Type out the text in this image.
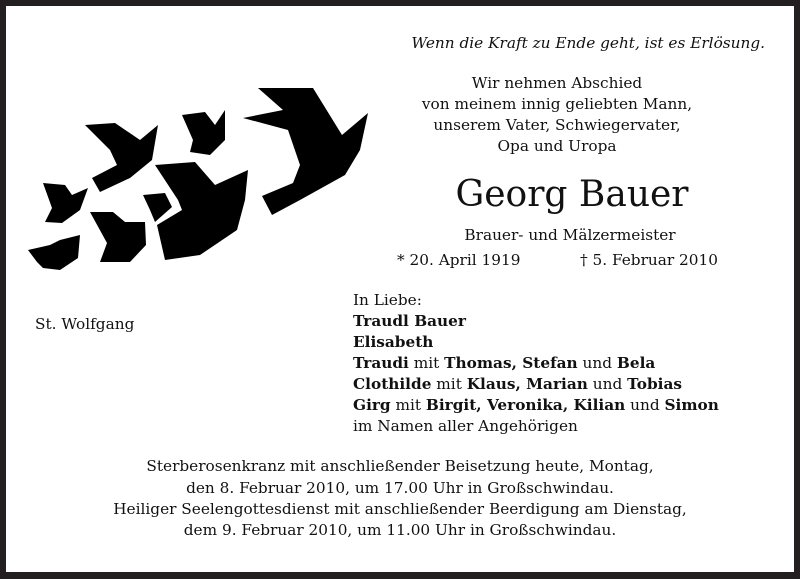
Wenn die Kraft zu Ende geht, ist es Erlösung.
Wir nehmen Abschied
von meinem innig geliebten Mann,
unserem Vater, Schwiegervater,
Opa und Uropa
Georg Bauer
Brauer- und Mälzermeister
* 20. April 1919	† 5. Februar 2010
St. Wolfgang
In Liebe:
Traudl Bauer
Elisabeth
Traudi mit Thomas, Stefan und Bela
Clothilde mit Klaus, Marian und Tobias
Girg mit Birgit, Veronika, Kilian und Simon
im Namen aller Angehörigen
Sterberosenkranz mit anschließender Beisetzung heute, Montag,
den 8. Februar 2010, um 17.00 Uhr in Großschwindau.
Heiliger Seelengottesdienst mit anschließender Beerdigung am Dienstag,
dem 9. Februar 2010, um 11.00 Uhr in Großschwindau.
